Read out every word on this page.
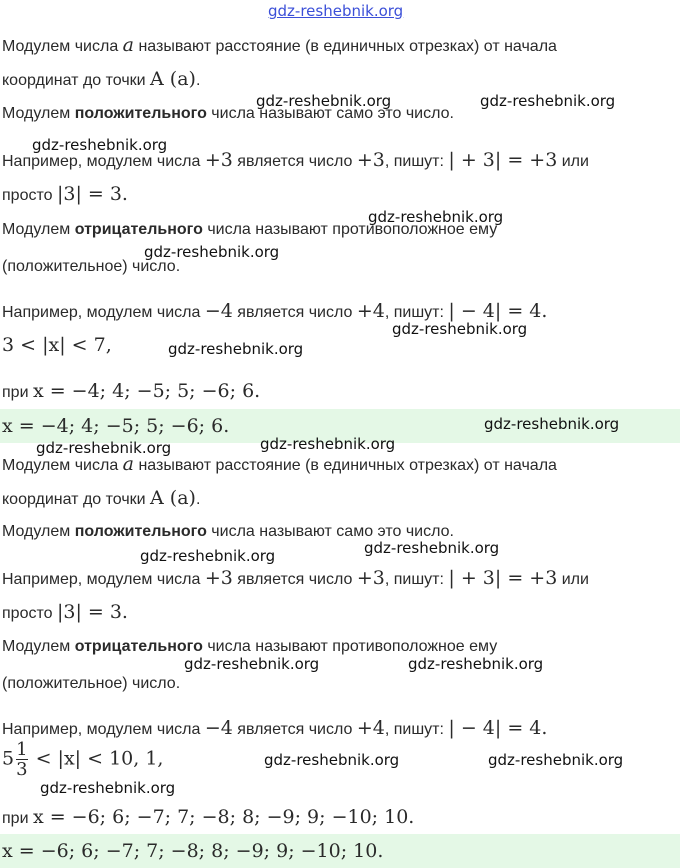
gdz-reshebnik.org
Модулем числа a называют расстояние (в единичных отрезках) от начала
координат до точки A (a).
gdz-reshebnik.org	gdz-reshebnik.org
Модулем положительного числа называют само это число.
gdz-reshebnik.org
Например, модулем числа +3 является число +3, пишут: | + 3| = +3 или
просто |3| = 3.
gdz-reshebnik.org
Модулем отрицательного числа называют противоположное ему
gdz-reshebnik.org
(положительное) число.
Например, модулем числа −4 является число +4, пишут: | − 4| = 4.
gdz-reshebnik.org
3 < |x| < 7,	gdz-reshebnik.org
при x = −4; 4; −5; 5; −6; 6.
x = −4; 4; −5; 5; −6; 6.	gdz-reshebnik.org
gdz-reshebnik.org	gdz-reshebnik.org
Модулем числа a называют расстояние (в единичных отрезках) от начала
координат до точки A (a).
Модулем положительного числа называют само это число.
gdz-reshebnik.org	gdz-reshebnik.org
Например, модулем числа +3 является число +3, пишут: | + 3| = +3 или
просто |3| = 3.
Модулем отрицательного числа называют противоположное ему
gdz-reshebnik.org	gdz-reshebnik.org
(положительное) число.
Например, модулем числа −4 является число +4, пишут: | − 4| = 4.
$5 \frac{1}{3} < |x| < 10$, 1,	gdz-reshebnik.org	gdz-reshebnik.org
gdz-reshebnik.org
при x = −6; 6; −7; 7; −8; 8; −9; 9; −10; 10.
x = −6; 6; −7; 7; −8; 8; −9; 9; −10; 10.
